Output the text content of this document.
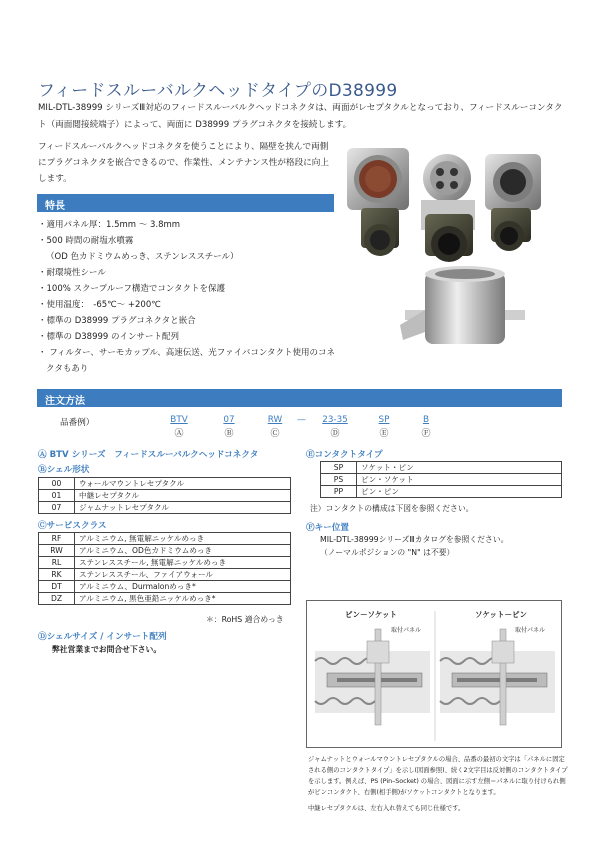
フィードスルーバルクヘッドタイプのD38999
MIL-DTL-38999 シリーズⅢ対応のフィードスルーバルクヘッドコネクタは、両面がレセプタクルとなっており、フィードスルーコンタクト（両面閲接続端子）によって、両面に D38999 プラグコネクタを接続します。
フィードスルーバルクヘッドコネクタを使うことにより、隔壁を挟んで両側にプラグコネクタを嵌合できるので、作業性、メンテナンス性が格段に向上します。
特長
・適用パネル厚：1.5mm 〜 3.8mm
・500 時間の耐塩水噴霧
（OD 色カドミウムめっき、ステンレススチール）
・耐環境性シール
・100% スクープルーフ構造でコンタクトを保護
・使用温度：　-65℃〜 +200℃
・標準の D38999 プラグコネクタと嵌合
・標準の D38999 のインサート配列
・ フィルター、サーモカップル、高速伝送、光ファイバコンタクト使用のコネクタもあり
注文方法
品番例）	BTV	07	RW	—	23-35	SP	B
Ⓐ	Ⓑ	Ⓒ	Ⓓ	Ⓔ	Ⓕ
Ⓐ BTV シリーズ　フィードスルーバルクヘッドコネクタ
Ⓑシェル形状
00	ウォールマウントレセプタクル
01	中継レセプタクル
07	ジャムナットレセプタクル
Ⓒサービスクラス
RF	アルミニウム, 無電解ニッケルめっき
RW	アルミニウム、OD色カドミウムめっき
RL	ステンレススチール, 無電解ニッケルめっき
RK	ステンレススチール、ファイアウォール
DT	アルミニウム、Durmalonめっき*
DZ	アルミニウム, 黒色亜鉛ニッケルめっき*
＊：RoHS 適合めっき
Ⓓシェルサイズ / インサート配列
弊社営業までお問合せ下さい。
Ⓔコンタクトタイプ
SP	ソケット・ピン
PS	ピン・ソケット
PP	ピン・ピン
注）コンタクトの構成は下図を参照ください。
Ⓕキー位置
MIL-DTL-38999シリーズⅢカタログを参照ください。
（ノーマルポジションの "N" は不要）
ピン－ソケット	ソケット－ピン
取付パネル	取付パネル
ジャムナットとウォールマウントレセプタクルの場合、品番の最初の文字は「パネルに固定される側のコンタクトタイプ」を示し(図面参照)、続く2文字目は反対側のコンタクトタイプを示します。例えば、PS (Pin–Socket) の場合、図面に示す左側＝パネルに取り付けられ側がピンコンタクト、右側(相手側)がソケットコンタクトとなります。
中継レセプタクルは、左右入れ替えても同じ仕様です。
